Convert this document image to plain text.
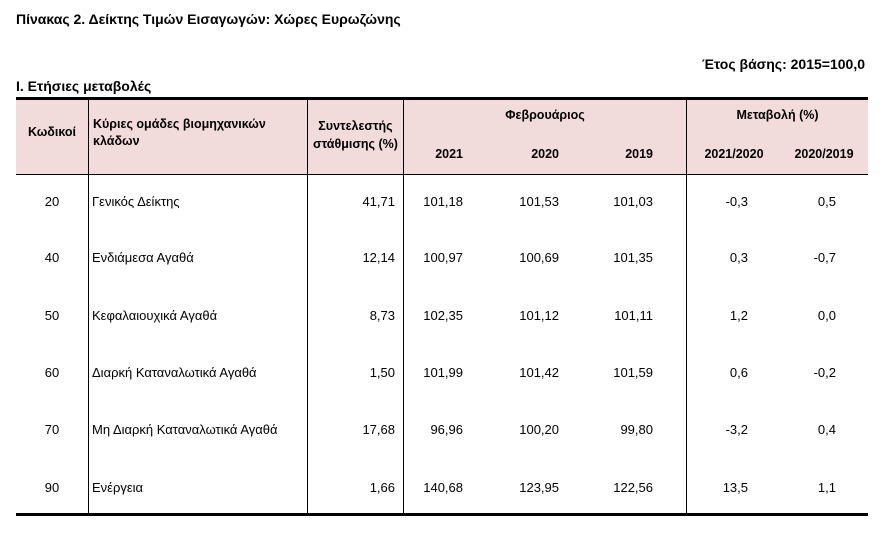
Πίνακας 2. Δείκτης Τιμών Εισαγωγών: Χώρες Ευρωζώνης
Έτος βάσης: 2015=100,0
Ι. Ετήσιες μεταβολές
Κωδικοί
Κύριες ομάδες βιομηχανικών κλάδων
Συντελεστής στάθμισης (%)
Φεβρουάριος	Μεταβολή (%)
2021	2020	2019	2021/2020	2020/2019
20	Γενικός Δείκτης	41,71	101,18	101,53	101,03	-0,3	0,5
40	Ενδιάμεσα Αγαθά	12,14	100,97	100,69	101,35	0,3	-0,7
50	Κεφαλαιουχικά Αγαθά	8,73	102,35	101,12	101,11	1,2	0,0
60	Διαρκή Καταναλωτικά Αγαθά	1,50	101,99	101,42	101,59	0,6	-0,2
70	Μη Διαρκή Καταναλωτικά Αγαθά	17,68	96,96	100,20	99,80	-3,2	0,4
90	Ενέργεια	1,66	140,68	123,95	122,56	13,5	1,1
